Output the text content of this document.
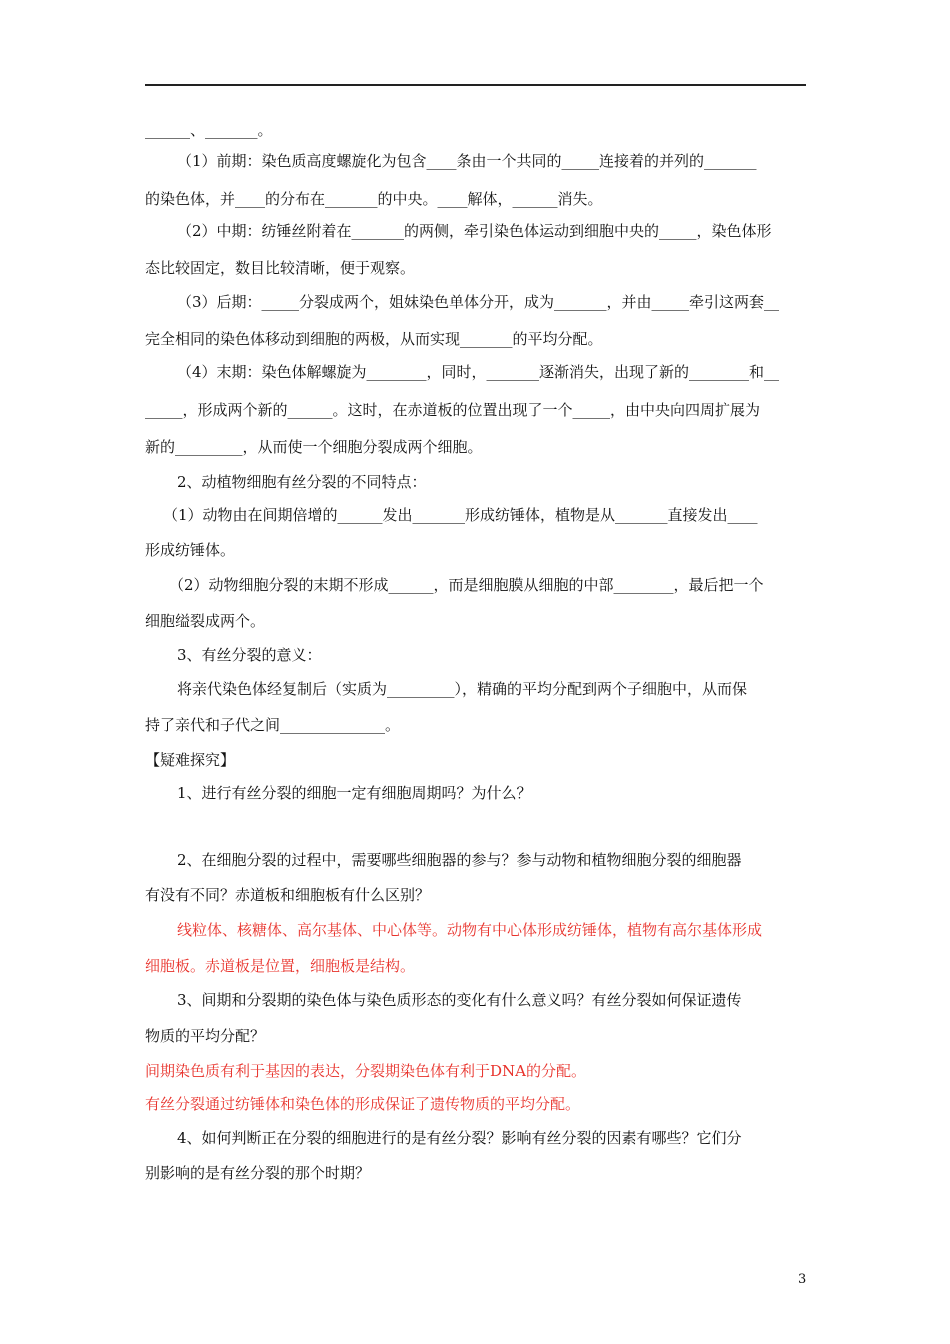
______、_______。
（1）前期：染色质高度螺旋化为包含____条由一个共同的_____连接着的并列的_______
的染色体，并____的分布在_______的中央。____解体，______消失。
（2）中期：纺锤丝附着在_______的两侧，牵引染色体运动到细胞中央的_____，染色体形
态比较固定，数目比较清晰，便于观察。
（3）后期：_____分裂成两个，姐妹染色单体分开，成为_______，并由_____牵引这两套__
完全相同的染色体移动到细胞的两极，从而实现_______的平均分配。
（4）末期：染色体解螺旋为________，同时，_______逐渐消失，出现了新的________和__
_____，形成两个新的______。这时，在赤道板的位置出现了一个_____，由中央向四周扩展为
新的_________，从而使一个细胞分裂成两个细胞。
2、动植物细胞有丝分裂的不同特点：
（1）动物由在间期倍增的______发出_______形成纺锤体，植物是从_______直接发出____
形成纺锤体。
（2）动物细胞分裂的末期不形成______，而是细胞膜从细胞的中部________，最后把一个
细胞缢裂成两个。
3、有丝分裂的意义：
将亲代染色体经复制后（实质为_________），精确的平均分配到两个子细胞中，从而保
持了亲代和子代之间______________。
【疑难探究】
1、进行有丝分裂的细胞一定有细胞周期吗？为什么？
2、在细胞分裂的过程中，需要哪些细胞器的参与？参与动物和植物细胞分裂的细胞器
有没有不同？赤道板和细胞板有什么区别？
线粒体、核糖体、高尔基体、中心体等。动物有中心体形成纺锤体，植物有高尔基体形成
细胞板。赤道板是位置，细胞板是结构。
3、间期和分裂期的染色体与染色质形态的变化有什么意义吗？有丝分裂如何保证遗传
物质的平均分配？
间期染色质有利于基因的表达，分裂期染色体有利于DNA的分配。
有丝分裂通过纺锤体和染色体的形成保证了遗传物质的平均分配。
4、如何判断正在分裂的细胞进行的是有丝分裂？影响有丝分裂的因素有哪些？它们分
别影响的是有丝分裂的那个时期？
3
